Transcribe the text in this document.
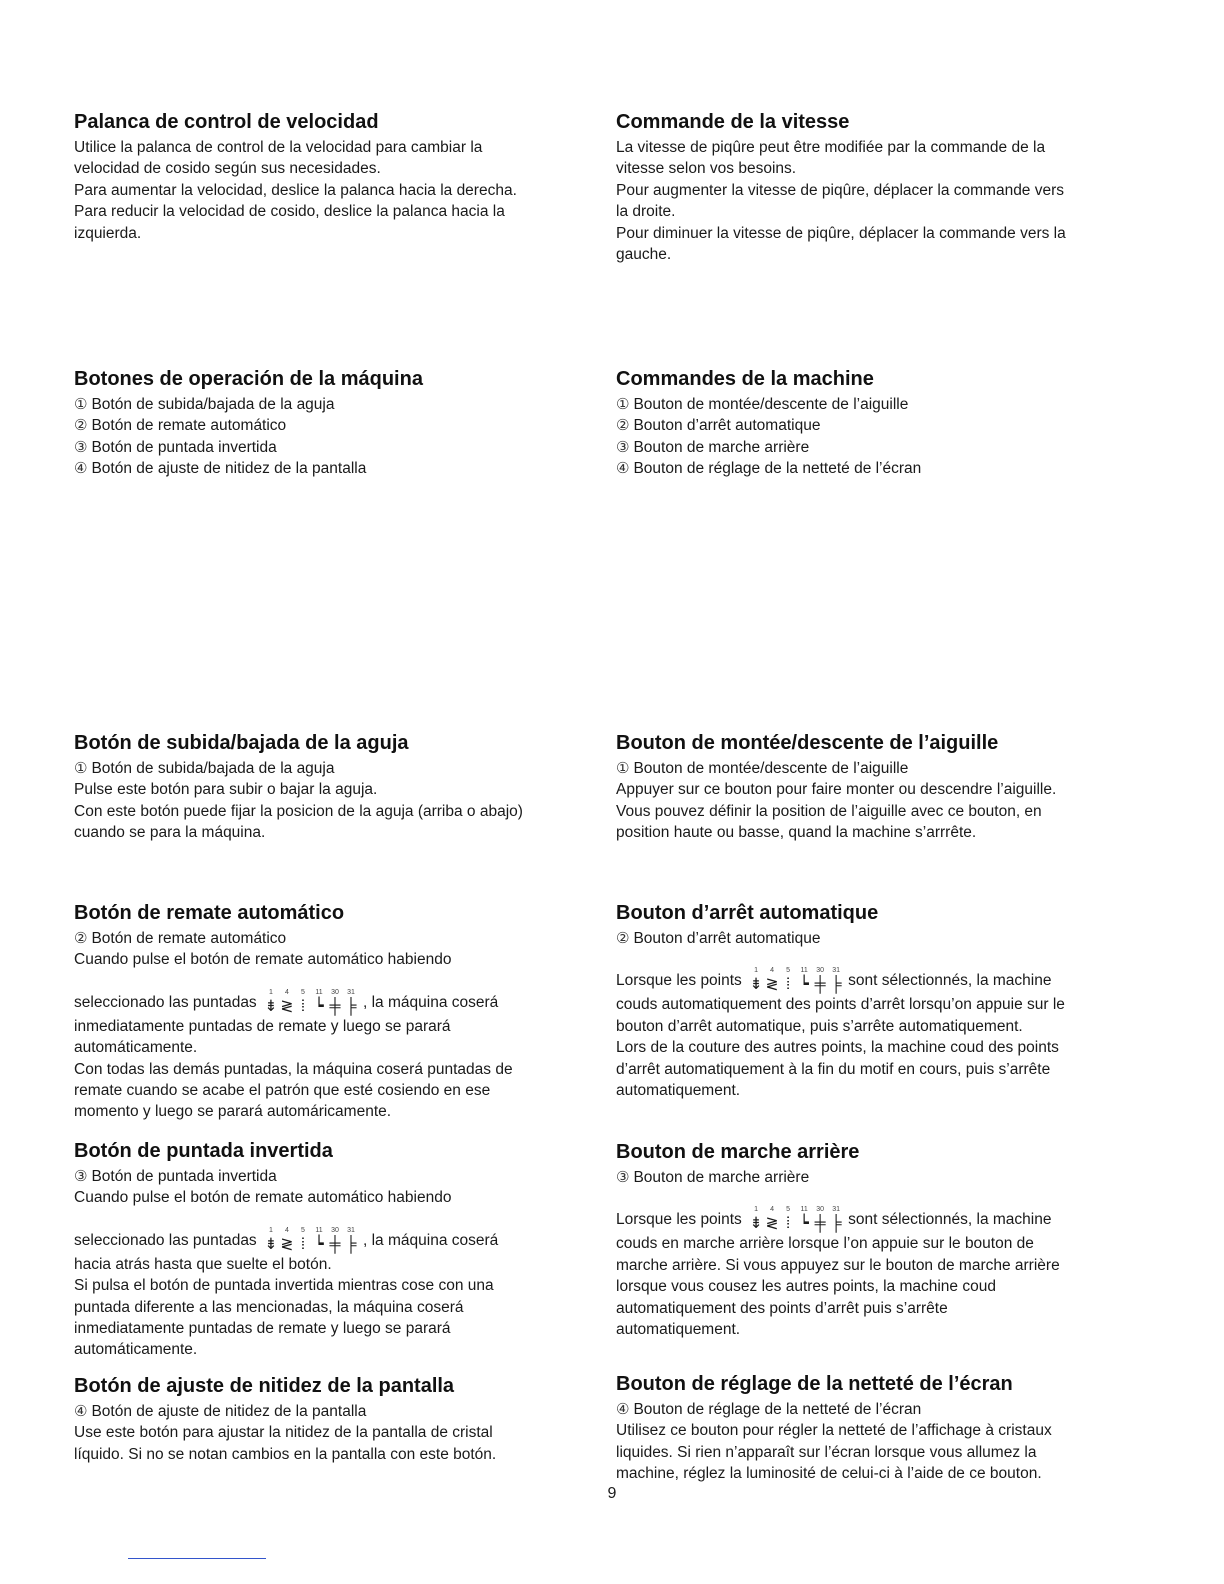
Palanca de control de velocidad

Utilice la palanca de control de la velocidad para cambiar la

velocidad de cosido según sus necesidades.

Para aumentar la velocidad, deslice la palanca hacia la derecha.

Para reducir la velocidad de cosido, deslice la palanca hacia la

izquierda.

Botones de operación de la máquina

① Botón de subida/bajada de la aguja

② Botón de remate automático

③ Botón de puntada invertida

④ Botón de ajuste de nitidez de la pantalla

Botón de subida/bajada de la aguja

① Botón de subida/bajada de la aguja

Pulse este botón para subir o bajar la aguja.

Con este botón puede fijar la posicion de la aguja (arriba o abajo)

cuando se para la máquina.

Botón de remate automático

② Botón de remate automático

Cuando pulse el botón de remate automático habiendo

seleccionado las puntadas
1 4 5 11 30 31
⇟ ≷ ⦙ ┕ ╪ ╞ , la máquina coserá

inmediatamente puntadas de remate y luego se parará

automáticamente.

Con todas las demás puntadas, la máquina coserá puntadas de

remate cuando se acabe el patrón que esté cosiendo en ese

momento y luego se parará automáricamente.

Botón de puntada invertida

③ Botón de puntada invertida

Cuando pulse el botón de remate automático habiendo

seleccionado las puntadas
1 4 5 11 30 31
⇟ ≷ ⦙ ┕ ╪ ╞ , la máquina coserá

hacia atrás hasta que suelte el botón.

Si pulsa el botón de puntada invertida mientras cose con una

puntada diferente a las mencionadas, la máquina coserá

inmediatamente puntadas de remate y luego se parará

automáticamente.

Botón de ajuste de nitidez de la pantalla

④ Botón de ajuste de nitidez de la pantalla

Use este botón para ajustar la nitidez de la pantalla de cristal

líquido. Si no se notan cambios en la pantalla con este botón.

Commande de la vitesse

La vitesse de piqûre peut être modifiée par la commande de la

vitesse selon vos besoins.

Pour augmenter la vitesse de piqûre, déplacer la commande vers

la droite.

Pour diminuer la vitesse de piqûre, déplacer la commande vers la

gauche.

Commandes de la machine

① Bouton de montée/descente de l’aiguille

② Bouton d’arrêt automatique

③ Bouton de marche arrière

④ Bouton de réglage de la netteté de l’écran

Bouton de montée/descente de l’aiguille

① Bouton de montée/descente de l’aiguille

Appuyer sur ce bouton pour faire monter ou descendre l’aiguille.

Vous pouvez définir la position de l’aiguille avec ce bouton, en

position haute ou basse, quand la machine s’arrrête.

Bouton d’arrêt automatique

② Bouton d’arrêt automatique

Lorsque les points
1 4 5 11 30 31
⇟ ≷ ⦙ ┕ ╪ ╞ sont sélectionnés, la machine

couds automatiquement des points d’arrêt lorsqu’on appuie sur le

bouton d’arrêt automatique, puis s’arrête automatiquement.

Lors de la couture des autres points, la machine coud des points

d’arrêt automatiquement à la fin du motif en cours, puis s’arrête

automatiquement.

Bouton de marche arrière

③ Bouton de marche arrière

Lorsque les points
1 4 5 11 30 31
⇟ ≷ ⦙ ┕ ╪ ╞ sont sélectionnés, la machine

couds en marche arrière lorsque l’on appuie sur le bouton de

marche arrière. Si vous appuyez sur le bouton de marche arrière

lorsque vous cousez les autres points, la machine coud

automatiquement des points d’arrêt puis s’arrête

automatiquement.

Bouton de réglage de la netteté de l’écran

④ Bouton de réglage de la netteté de l’écran

Utilisez ce bouton pour régler la netteté de l’affichage à cristaux

liquides. Si rien n’apparaît sur l’écran lorsque vous allumez la

machine, réglez la luminosité de celui-ci à l’aide de ce bouton.

9
